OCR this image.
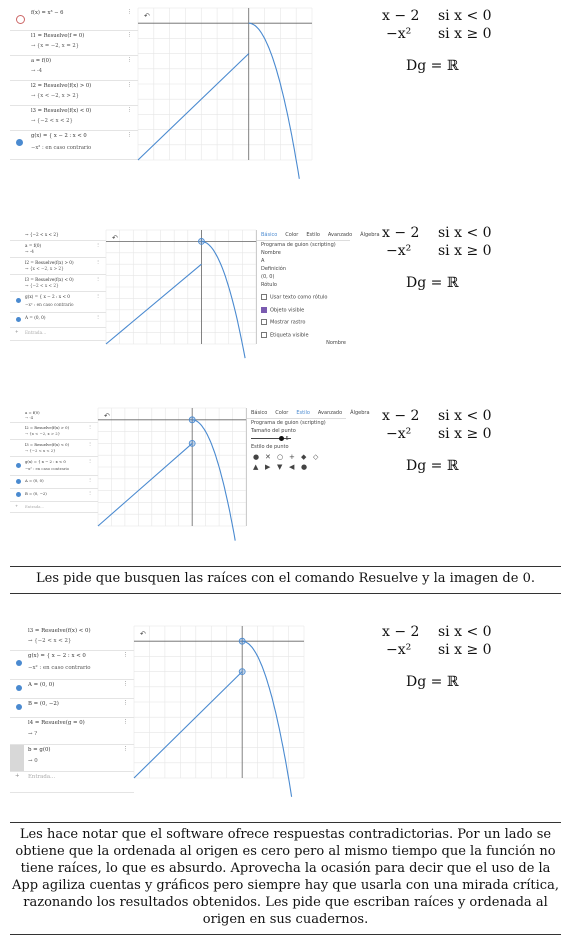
f(x) = x³ − 6	⋮
l1 = Resuelve(f = 0)
→ {x = −2, x = 2}
⋮
a = f(0)
→ -4
⋮
l2 = Resuelve(f(x) > 0)
→ {x < −2, x > 2}
⋮
l3 = Resuelve(f(x) < 0)
→ {−2 < x < 2}
⋮
g(x) = { x − 2 : x < 0
−x² : en caso contrario
⋮
↶	x − 2 si x < 0
−x² si x ≥ 0
Dg = ℝ
→ {−2 < x < 2}
a = f(0)
→ -4
⋮
l2 = Resuelve(f(x) > 0)
→ {x < −2, x > 2}
⋮
l3 = Resuelve(f(x) < 0)
→ {−2 < x < 2}
⋮
g(x) = { x − 2 : x < 0
−x² : en caso contrario
⋮
A = (0, 0)	⋮
+ Entrada...
↶	Básico	Color	Estilo	Avanzado	Álgebra
Programa de guion (scripting)
Nombre
A
Definición
(0, 0)
Rótulo
Usar texto como rótulo
Objeto visible
Mostrar rastro
Etiqueta visible
Nombre
x − 2 si x < 0
−x² si x ≥ 0
Dg = ℝ
a = f(0)
→ -4
l2 = Resuelve(f(x) > 0)
→ {x < −2, x > 2}
⋮
l3 = Resuelve(f(x) < 0)
→ {−2 < x < 2}
⋮
g(x) = { x − 2 : x < 0
−x² : en caso contrario
⋮
A = (0, 0)	⋮
B = (0, −2)	⋮
+ Entrada...
↶	Básico	Color	Estilo	Avanzado	Álgebra
Programa de guion (scripting)
Tamaño del punto
5
Estilo de punto
● ✕ ○ + ◆ ◇
▲ ▶ ▼ ◀ ●
x − 2 si x < 0
−x² si x ≥ 0
Dg = ℝ
Les pide que busquen las raíces con el comando Resuelve y la imagen de 0.
l3 = Resuelve(f(x) < 0)
→ {−2 < x < 2}
g(x) = { x − 2 : x < 0
−x² : en caso contrario
⋮
A = (0, 0)	⋮
B = (0, −2)	⋮
l4 = Resuelve(g = 0)
→ ?
⋮
b = g(0)
→ 0
⋮
+ Entrada...
↶	x − 2 si x < 0
−x² si x ≥ 0
Dg = ℝ
Les hace notar que el software ofrece respuestas contradictorias. Por un lado se obtiene que la ordenada al origen es cero pero al mismo tiempo que la función no tiene raíces, lo que es absurdo. Aprovecha la ocasión para decir que el uso de la App agiliza cuentas y gráficos pero siempre hay que usarla con una mirada crítica, razonando los resultados obtenidos. Les pide que escriban raíces y ordenada al origen en sus cuadernos.
